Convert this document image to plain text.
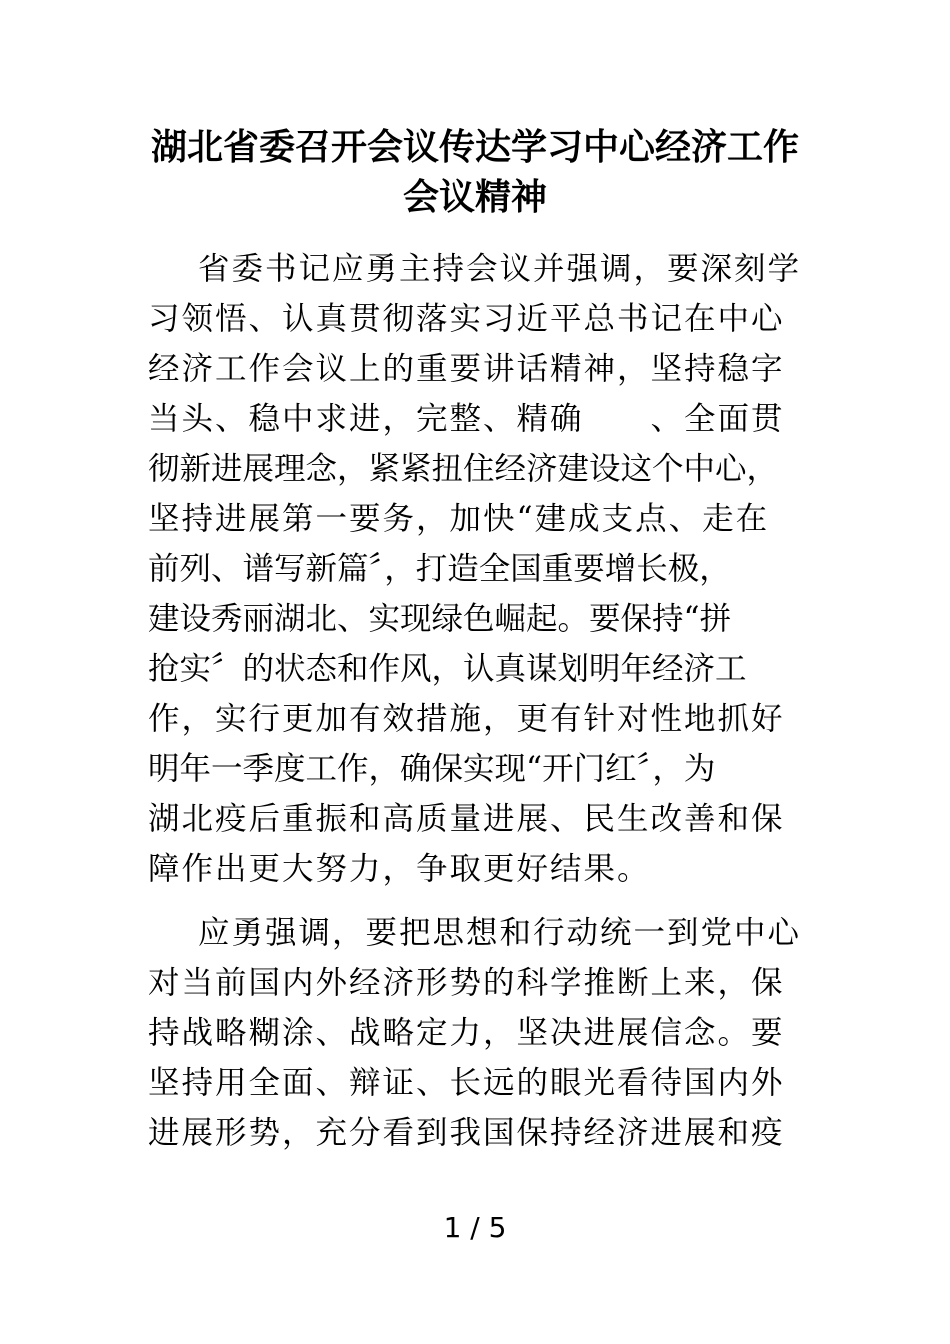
湖北省委召开会议传达学习中心经济工作
会议精神

省委书记应勇主持会议并强调，要深刻学

习领悟、认真贯彻落实习近平总书记在中心

经济工作会议上的重要讲话精神，坚持稳字

当头、稳中求进，完整、精确　　、全面贯

彻新进展理念，紧紧扭住经济建设这个中心，

坚持进展第一要务，加快“建成支点、走在

前列、谱写新篇〞，打造全国重要增长极，

建设秀丽湖北、实现绿色崛起。要保持“拼

抢实〞的状态和作风，认真谋划明年经济工

作，实行更加有效措施，更有针对性地抓好

明年一季度工作，确保实现“开门红〞，为

湖北疫后重振和高质量进展、民生改善和保

障作出更大努力，争取更好结果。

应勇强调，要把思想和行动统一到党中心

对当前国内外经济形势的科学推断上来，保

持战略糊涂、战略定力，坚决进展信念。要

坚持用全面、辩证、长远的眼光看待国内外

进展形势，充分看到我国保持经济进展和疫

1 / 5
